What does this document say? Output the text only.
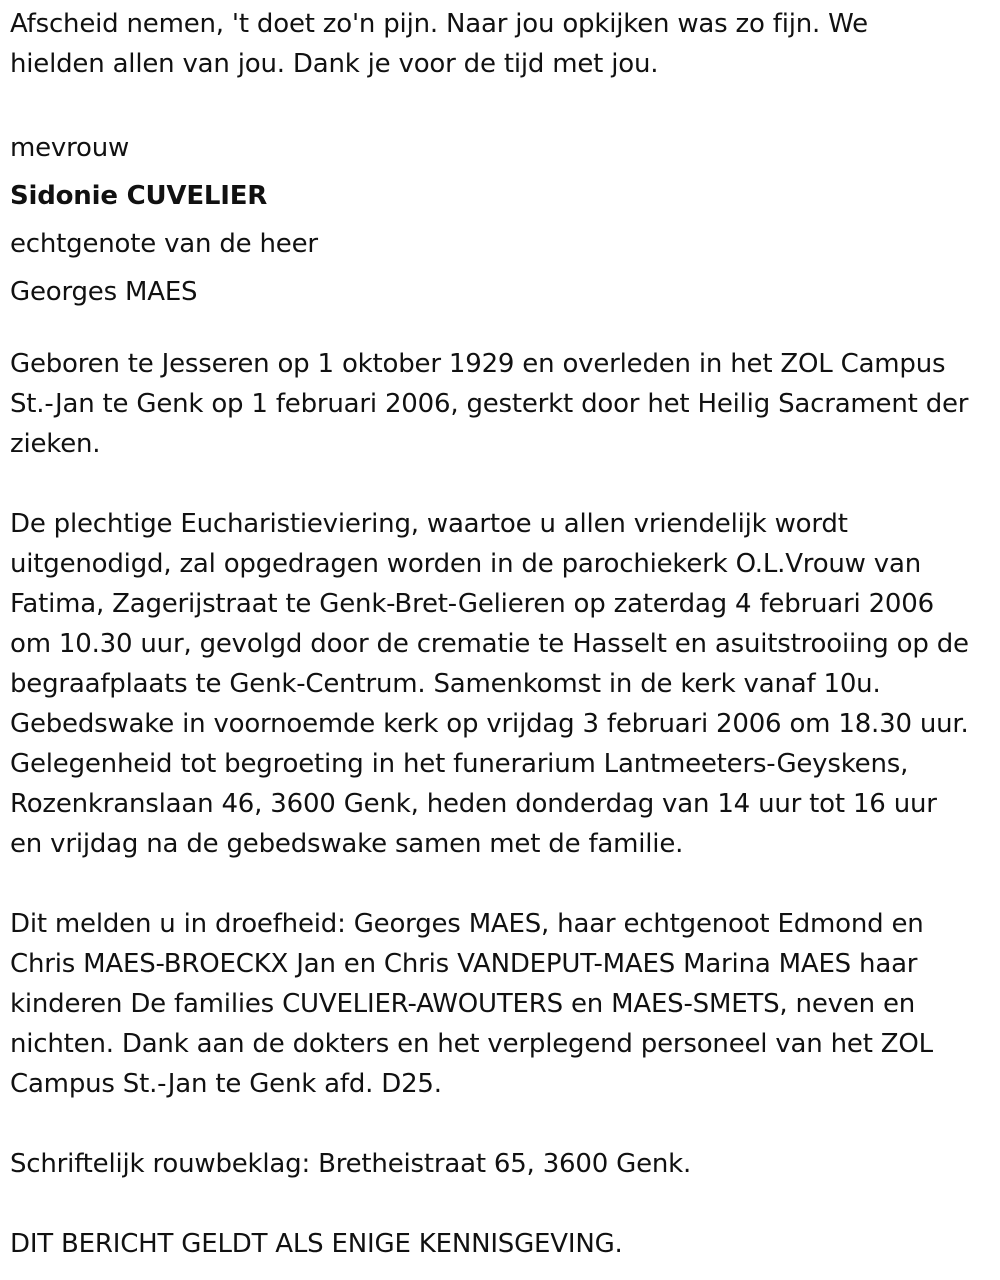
Afscheid nemen, 't doet zo'n pijn. Naar jou opkijken was zo fijn. We hielden allen van jou. Dank je voor de tijd met jou.

mevrouw

Sidonie CUVELIER

echtgenote van de heer

Georges MAES

Geboren te Jesseren op 1 oktober 1929 en overleden in het ZOL Campus St.-Jan te Genk op 1 februari 2006, gesterkt door het Heilig Sacrament der zieken.

De plechtige Eucharistieviering, waartoe u allen vriendelijk wordt uitgenodigd, zal opgedragen worden in de parochiekerk O.L.Vrouw van Fatima, Zagerijstraat te Genk-Bret-Gelieren op zaterdag 4 februari 2006 om 10.30 uur, gevolgd door de crematie te Hasselt en asuitstrooiing op de begraafplaats te Genk-Centrum. Samenkomst in de kerk vanaf 10u. Gebedswake in voornoemde kerk op vrijdag 3 februari 2006 om 18.30 uur. Gelegenheid tot begroeting in het funerarium Lantmeeters-Geyskens, Rozenkranslaan 46, 3600 Genk, heden donderdag van 14 uur tot 16 uur en vrijdag na de gebedswake samen met de familie.

Dit melden u in droefheid: Georges MAES, haar echtgenoot Edmond en Chris MAES-BROECKX Jan en Chris VANDEPUT-MAES Marina MAES haar kinderen De families CUVELIER-AWOUTERS en MAES-SMETS, neven en nichten. Dank aan de dokters en het verplegend personeel van het ZOL Campus St.-Jan te Genk afd. D25.

Schriftelijk rouwbeklag: Bretheistraat 65, 3600 Genk.

DIT BERICHT GELDT ALS ENIGE KENNISGEVING.
